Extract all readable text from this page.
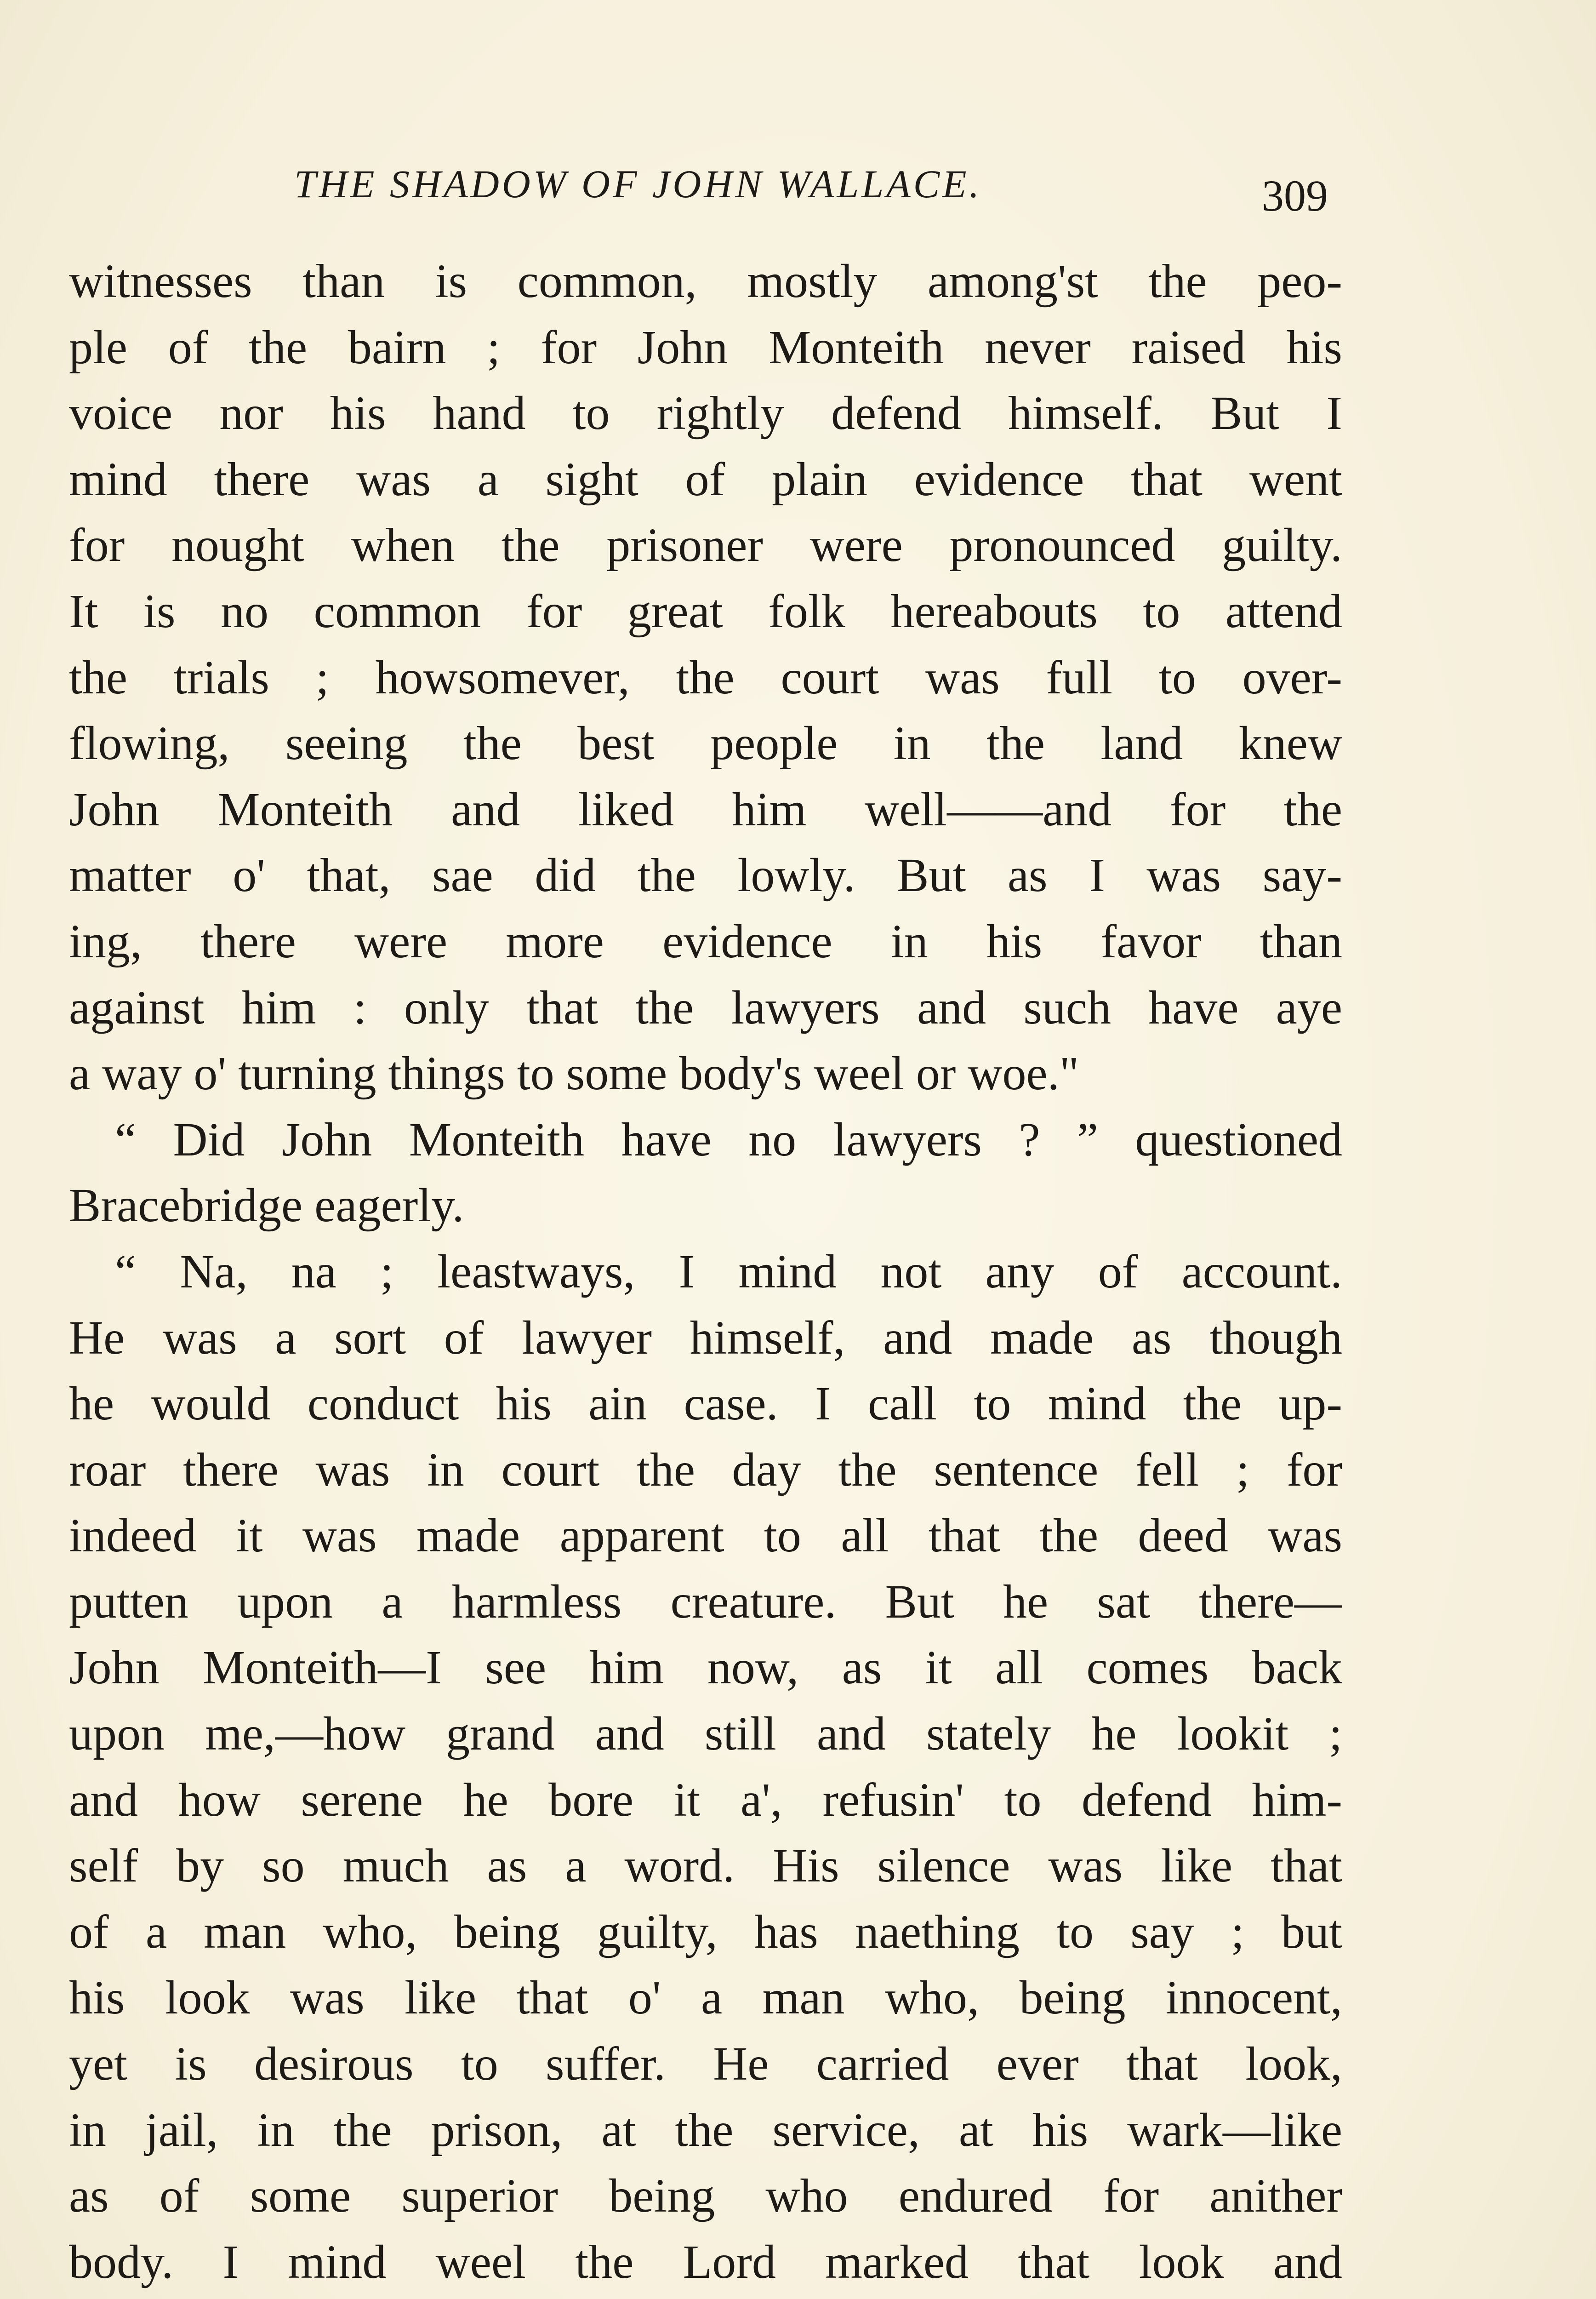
THE SHADOW OF JOHN WALLACE.	309
witnesses than is common, mostly among'st the peo-
ple of the bairn ; for John Monteith never raised his
voice nor his hand to rightly defend himself. But I
mind there was a sight of plain evidence that went
for nought when the prisoner were pronounced guilty.
It is no common for great folk hereabouts to attend
the trials ; howsomever, the court was full to over-
flowing, seeing the best people in the land knew
John Monteith and liked him well——and for the
matter o' that, sae did the lowly. But as I was say-
ing, there were more evidence in his favor than
against him : only that the lawyers and such have aye
a way o' turning things to some body's weel or woe."
“ Did John Monteith have no lawyers ? ” questioned
Bracebridge eagerly.
“ Na, na ; leastways, I mind not any of account.
He was a sort of lawyer himself, and made as though
he would conduct his ain case. I call to mind the up-
roar there was in court the day the sentence fell ; for
indeed it was made apparent to all that the deed was
putten upon a harmless creature. But he sat there—
John Monteith—I see him now, as it all comes back
upon me,—how grand and still and stately he lookit ;
and how serene he bore it a', refusin' to defend him-
self by so much as a word. His silence was like that
of a man who, being guilty, has naething to say ; but
his look was like that o' a man who, being innocent,
yet is desirous to suffer. He carried ever that look,
in jail, in the prison, at the service, at his wark—like
as of some superior being who endured for anither
body. I mind weel the Lord marked that look and
